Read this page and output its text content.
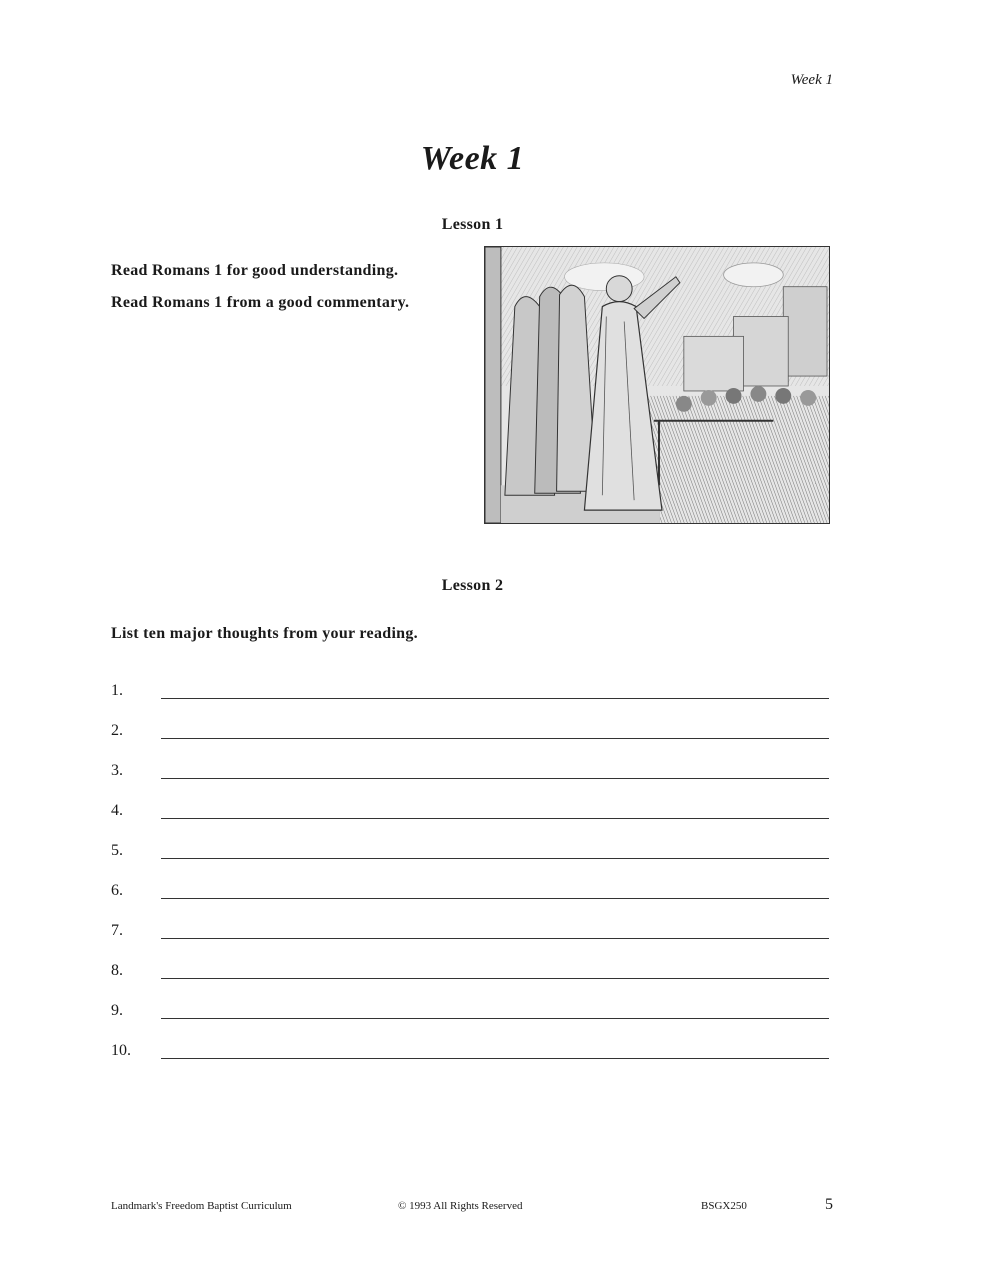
Week 1
Week 1
Lesson 1

Read Romans 1 for good understanding.

Read Romans 1 from a good commentary.

Lesson 2
List ten major thoughts from your reading.
1.
2.
3.
4.
5.
6.
7.
8.
9.
10.
Landmark's Freedom Baptist Curriculum	© 1993 All Rights Reserved	BSGX250	5
